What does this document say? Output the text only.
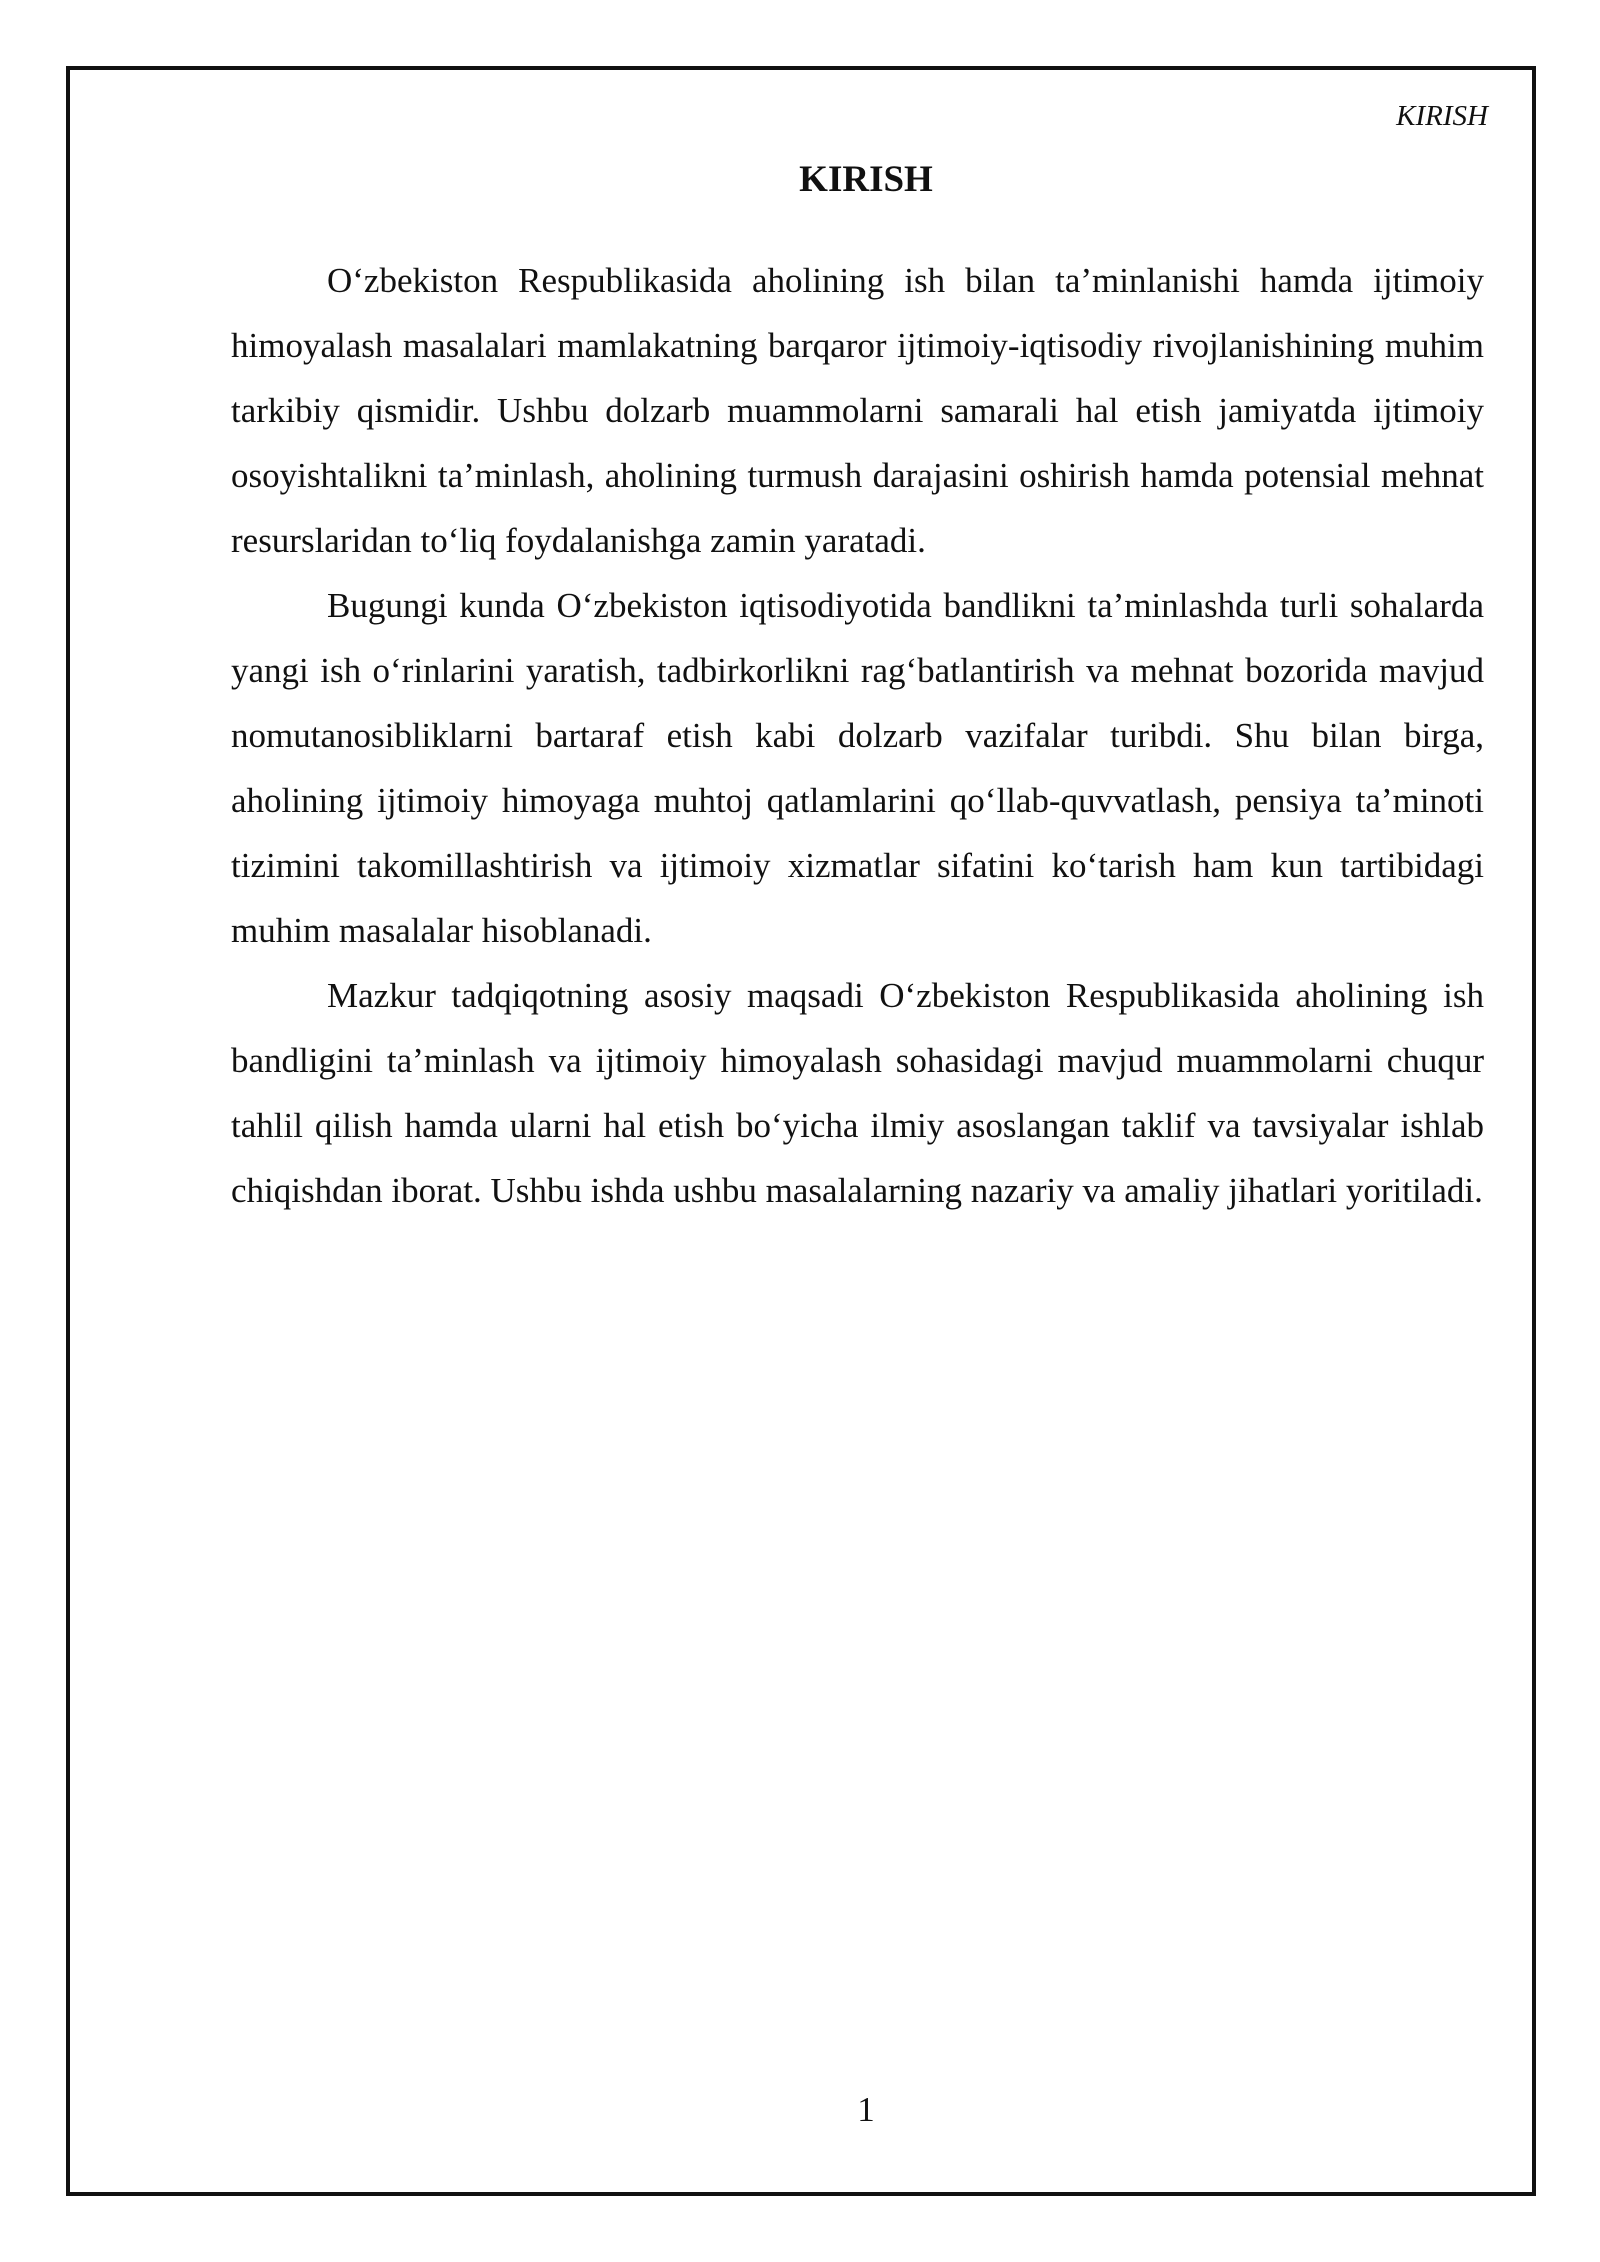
KIRISH
KIRISH

O‘zbekiston Respublikasida aholining ish bilan ta’minlanishi hamda ijtimoiy himoyalash masalalari mamlakatning barqaror ijtimoiy-iqtisodiy rivojlanishining muhim tarkibiy qismidir. Ushbu dolzarb muammolarni samarali hal etish jamiyatda ijtimoiy osoyishtalikni ta’minlash, aholining turmush darajasini oshirish hamda potensial mehnat resurslaridan to‘liq foydalanishga zamin yaratadi.

Bugungi kunda O‘zbekiston iqtisodiyotida bandlikni ta’minlashda turli sohalarda yangi ish o‘rinlarini yaratish, tadbirkorlikni rag‘batlantirish va mehnat bozorida mavjud nomutanosibliklarni bartaraf etish kabi dolzarb vazifalar turibdi. Shu bilan birga, aholining ijtimoiy himoyaga muhtoj qatlamlarini qo‘llab-quvvatlash, pensiya ta’minoti tizimini takomillashtirish va ijtimoiy xizmatlar sifatini ko‘tarish ham kun tartibidagi muhim masalalar hisoblanadi.

Mazkur tadqiqotning asosiy maqsadi O‘zbekiston Respublikasida aholining ish bandligini ta’minlash va ijtimoiy himoyalash sohasidagi mavjud muammolarni chuqur tahlil qilish hamda ularni hal etish bo‘yicha ilmiy asoslangan taklif va tavsiyalar ishlab chiqishdan iborat. Ushbu ishda ushbu masalalarning nazariy va amaliy jihatlari yoritiladi.

1
